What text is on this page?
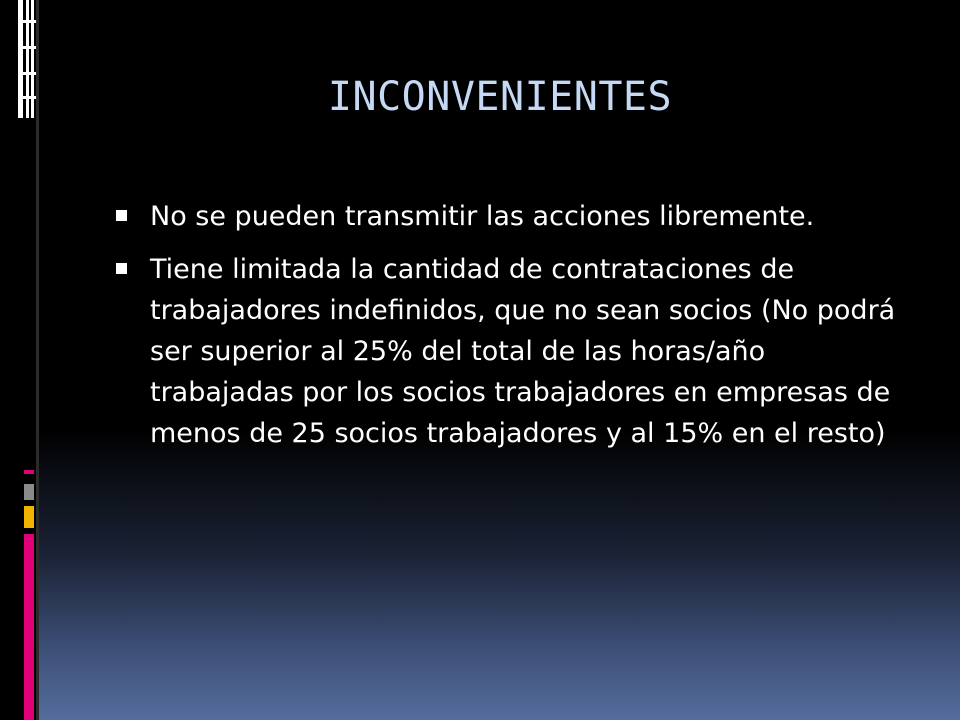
INCONVENIENTES
No se pueden transmitir las acciones libremente.
Tiene limitada la cantidad de contrataciones de trabajadores indefinidos, que no sean socios (No podrá ser superior al 25% del total de las horas/año trabajadas por los socios trabajadores en empresas de menos de 25 socios trabajadores y al 15% en el resto)
